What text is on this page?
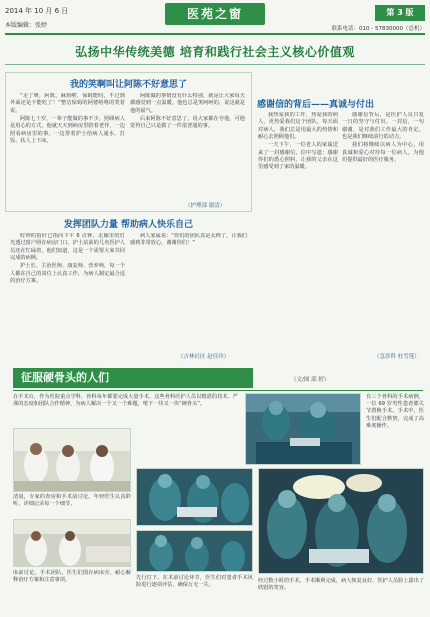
2014 年 10 月 6 日
本版编辑：张婷
医苑之窗	第 3 版
联系电话：010 - 57830000（总机）
弘扬中华传统美德 培育和践行社会主义核心价值观
我的笑啊叫让阿陈不好意思了

“走了呀，阿陈，麻烦啦，保姆能吗，不过到外面还是不能吃了！”整洁保姆的阿婆咯咯的笑着说。

阿陈七十岁，一辈子能做的事不少，照顾病人是用心的方式，他就天天到病房里陪着老伴，一边照看病房里的事，一边帮着护士给病人递水、打饭、扶人上下床。

阿陈做的事情没有什么特别，就是让大家每天都感觉到一点温暖。他也总是笑呵呵的，说这就是他的福气。

后来阿陈不好意思了，说大家都在夸他，可他觉得自己只是做了一件很普通的事。

（护理部 谢清）
发挥团队力量 帮助病人快乐自己

时钟的指针已指向下午 6 点钟，走廊里的灯光透过窗户照在病房门口。护士站前的几名医护人员还在忙碌着，他们知道，这是一个需要大家共同完成的病例。

护士长、主治医师、康复师、营养师，每一个人都在自己的岗位上认真工作，为病人制定最合适的治疗方案。

病人家属说：“你们的团队真是太棒了，让我们感到非常放心，谢谢你们！”

（吉林社区 赵佳玲）
感谢信的背后——真诚与付出

我热爱我的工作，热爱我的病人，更热爱我们这个团队。每天面对病人，我们总是用最大的热情和耐心去照顾他们。

一天下午，一位老人的家属送来了一封感谢信，信中写道：感谢你们的悉心照料，让我的父亲在这里感受到了家的温暖。

感谢信背后，是医护人员日复一日的坚守与付出。一封信，一句谢谢，是对我们工作最大的肯定，也是我们继续前行的动力。

我们将继续以病人为中心，用真诚和爱心对待每一位病人，为他们提供最好的医疗服务。

（急诊科 杜雪莲）
征服硬骨头的人们	（文/图 邱 婷）
在手术台，作为医院重点学科，骨科每年都要完成大量手术。这些骨科医护人员以精湛的技术、严谨的态度和团队合作精神，为病人解决一个又一个难题，啃下一块又一块“硬骨头”。
有三个骨科的手术病例，一位 69 岁男性患者膝关节置换手术。手术中，医生们配合默契，完成了高难度操作。
清晨，专家的查房和手术前讨论。年轻医生认真聆听，详细记录每一个细节。
床前讨论，手术团队。医生们围在病床旁，耐心解释治疗方案和注意事项。	先行打下。在术前讨论环节，医生们对患者手术风险进行逐项评估，确保万无一失。
经过数小时的手术，手术顺利完成，病人恢复良好。医护人员脸上露出了欣慰的笑容。
